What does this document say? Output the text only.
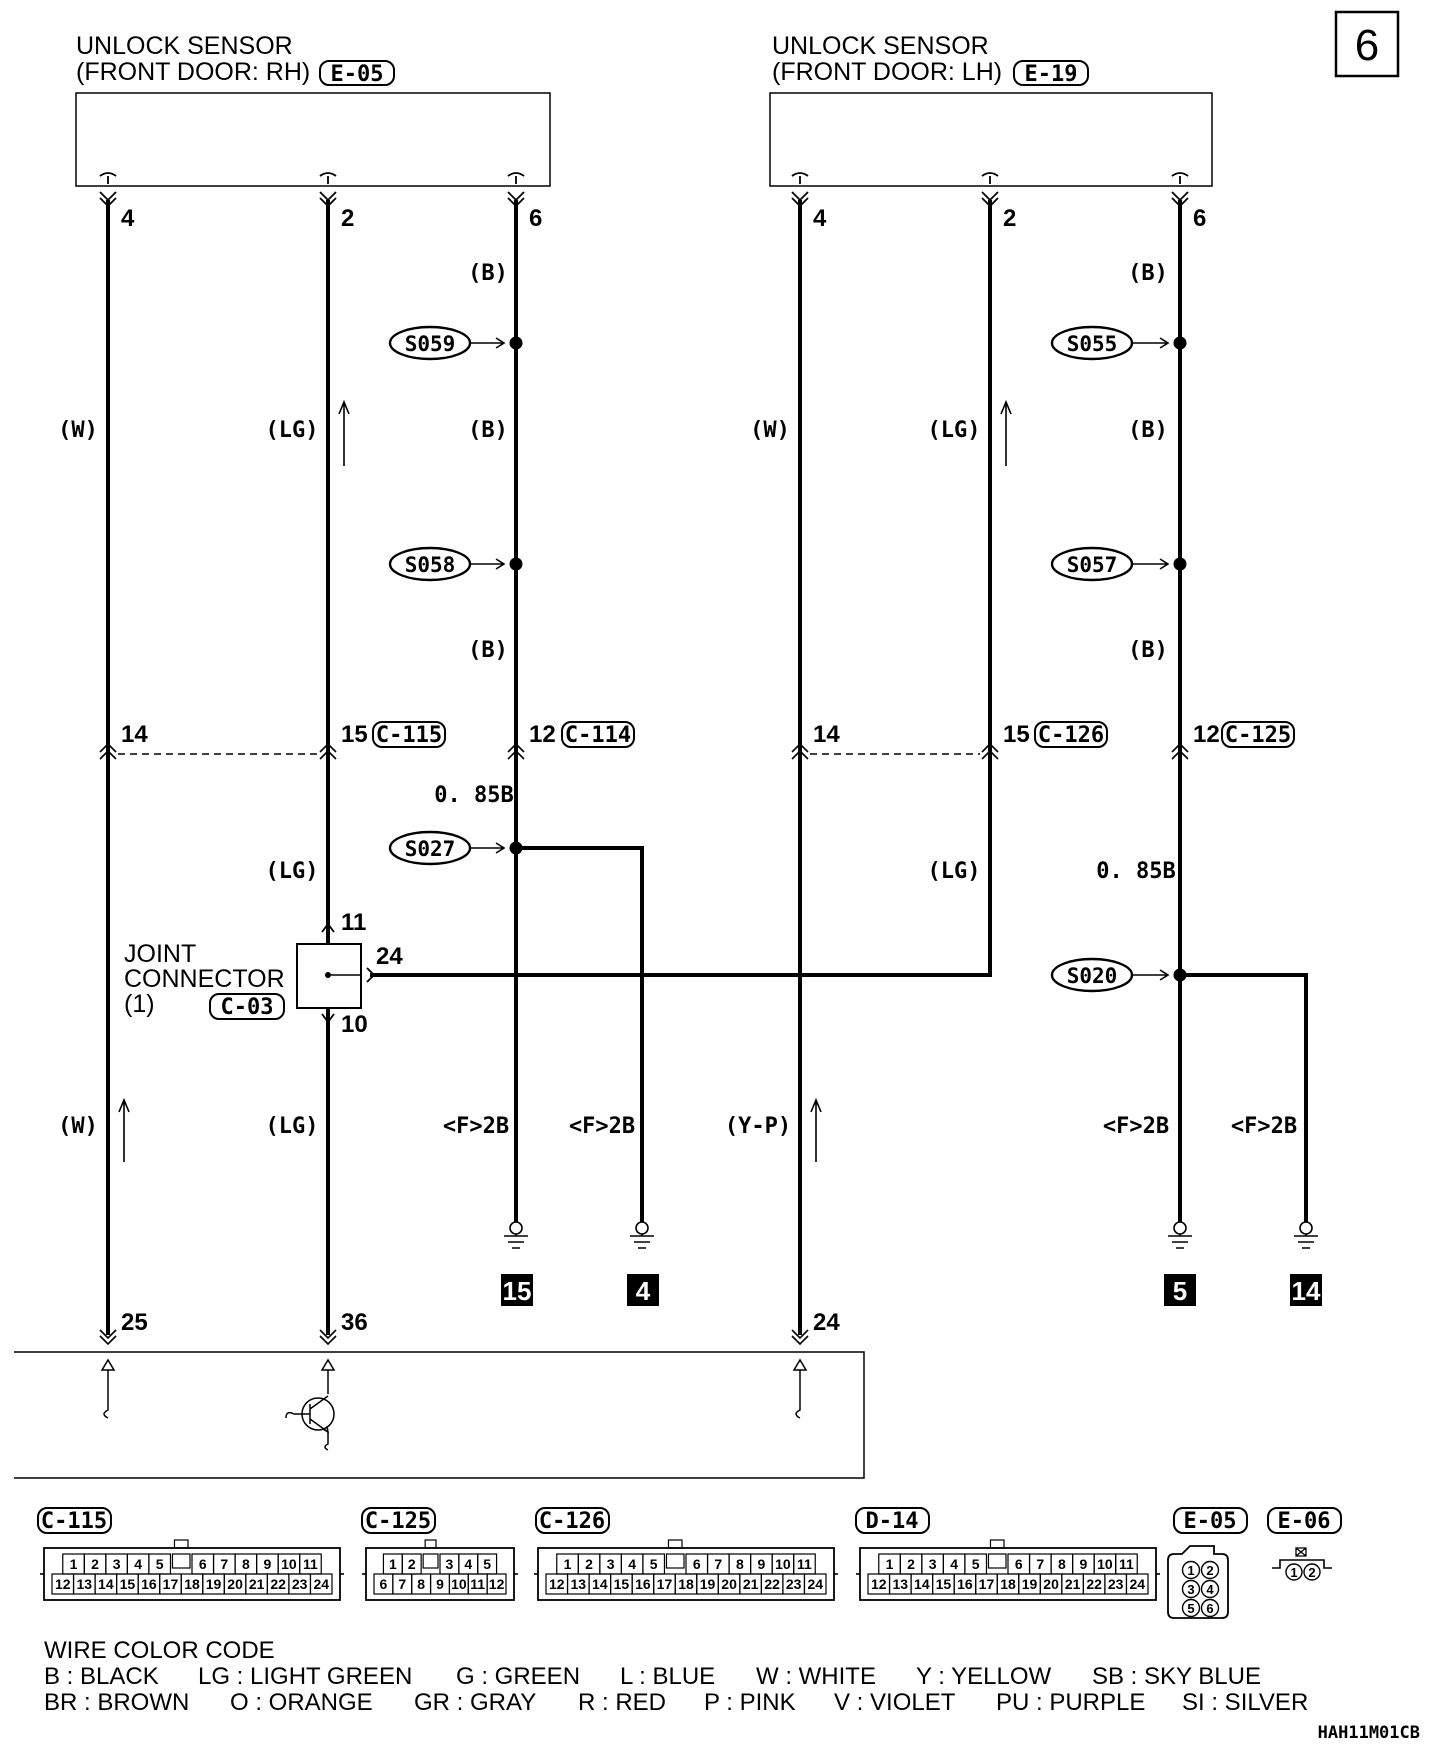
6
UNLOCK SENSOR
(FRONT DOOR: RH) E-05
UNLOCK SENSOR
(FRONT DOOR: LH) E-19
4	2	6	4	2	6
(B)
(B)
(B)
(B)
(B)
(B)
(W)
(W)
(W)
(LG)
(LG)
(LG)
(LG)
(LG)
(Y-P)
0. 85B
0. 85B
<F>2B	<F>2B	<F>2B	<F>2B
S059
S058
S027
S055
S057
S020
14	15 C-115	12 C-114	14	15 C-126	12 C-125
11
24
10
JOINT
CONNECTOR
(1)	C-03
15	4	5	14
25	36	24
C-115
12 13 14 15 16 17 18 19 20 21 22 23 24
1 2 3 4 5	6 7 8 9 10 11
C-125
6 7 8 9 10 11 12
1 2 3 4 5
C-126
12 13 14 15 16 17 18 19 20 21 22 23 24
1 2 3 4 5	6 7 8 9 10 11
D-14
12 13 14 15 16 17 18 19 20 21 22 23 24
1 2 3 4 5	6 7 8 9 10 11
E-05
1 2
3 4
5 6
E-06
1 2
WIRE COLOR CODE
B : BLACK LG : LIGHT GREEN G : GREEN L : BLUE W : WHITE Y : YELLOW SB : SKY BLUE
BR : BROWN O : ORANGE GR : GRAY R : RED P : PINK V : VIOLET PU : PURPLE SI : SILVER
HAH11M01CB
